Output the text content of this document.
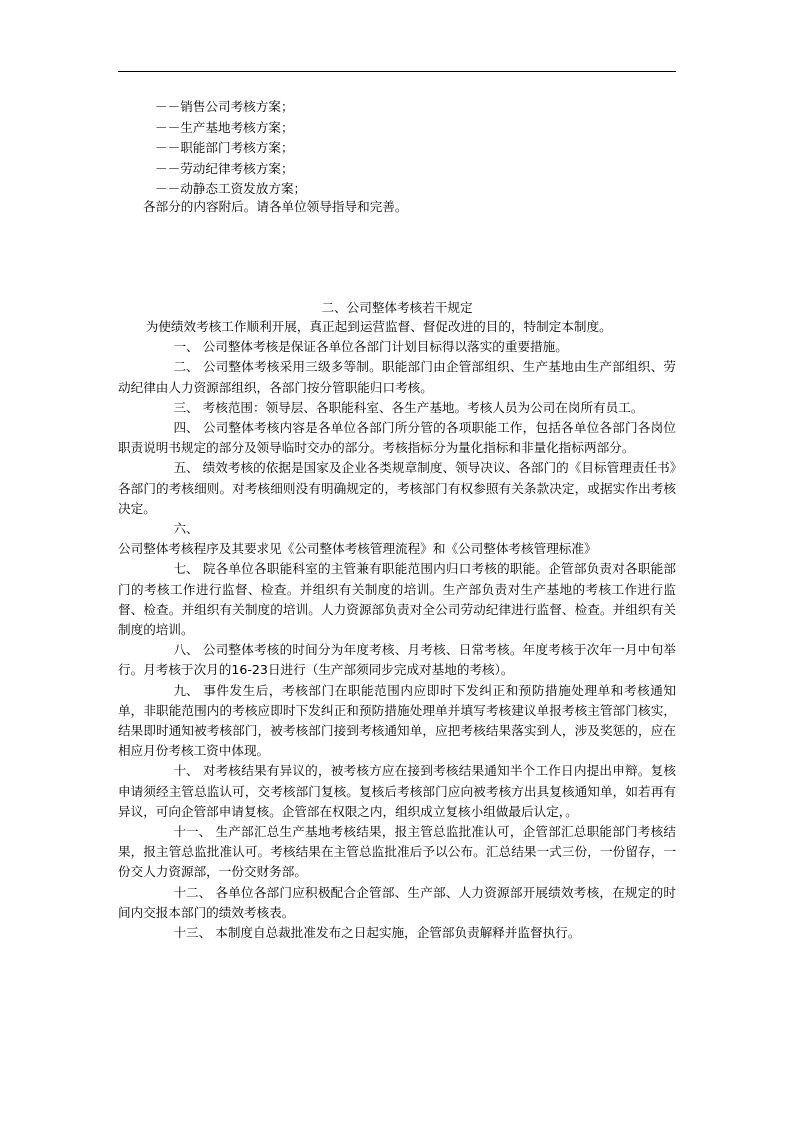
－－销售公司考核方案；
－－生产基地考核方案；
－－职能部门考核方案；
－－劳动纪律考核方案；
－－动静态工资发放方案；
各部分的内容附后。请各单位领导指导和完善。
二、公司整体考核若干规定

为使绩效考核工作顺利开展，真正起到运营监督、督促改进的目的，特制定本制度。

一、 公司整体考核是保证各单位各部门计划目标得以落实的重要措施。

二、 公司整体考核采用三级多等制。职能部门由企管部组织、生产基地由生产部组织、劳动纪律由人力资源部组织，各部门按分管职能归口考核。

三、 考核范围：领导层、各职能科室、各生产基地。考核人员为公司在岗所有员工。

四、 公司整体考核内容是各单位各部门所分管的各项职能工作，包括各单位各部门各岗位职责说明书规定的部分及领导临时交办的部分。考核指标分为量化指标和非量化指标两部分。

五、 绩效考核的依据是国家及企业各类规章制度、领导决议、各部门的《目标管理责任书》各部门的考核细则。对考核细则没有明确规定的，考核部门有权参照有关条款决定，或据实作出考核决定。

六、 公司整体考核程序及其要求见《公司整体考核管理流程》和《公司整体考核管理标准》

七、 院各单位各职能科室的主管兼有职能范围内归口考核的职能。企管部负责对各职能部门的考核工作进行监督、检查。并组织有关制度的培训。生产部负责对生产基地的考核工作进行监督、检查。并组织有关制度的培训。人力资源部负责对全公司劳动纪律进行监督、检查。并组织有关制度的培训。

八、 公司整体考核的时间分为年度考核、月考核、日常考核。年度考核于次年一月中旬举行。月考核于次月的16-23日进行（生产部须同步完成对基地的考核）。

九、 事件发生后，考核部门在职能范围内应即时下发纠正和预防措施处理单和考核通知单，非职能范围内的考核应即时下发纠正和预防措施处理单并填写考核建议单报考核主管部门核实，结果即时通知被考核部门，被考核部门接到考核通知单，应把考核结果落实到人，涉及奖惩的，应在相应月份考核工资中体现。

十、 对考核结果有异议的，被考核方应在接到考核结果通知半个工作日内提出申辩。复核申请须经主管总监认可，交考核部门复核。复核后考核部门应向被考核方出具复核通知单，如若再有异议，可向企管部申请复核。企管部在权限之内，组织成立复核小组做最后认定，。

十一、 生产部汇总生产基地考核结果，报主管总监批准认可，企管部汇总职能部门考核结果，报主管总监批准认可。考核结果在主管总监批准后予以公布。汇总结果一式三份，一份留存，一份交人力资源部，一份交财务部。

十二、 各单位各部门应积极配合企管部、生产部、人力资源部开展绩效考核，在规定的时间内交报本部门的绩效考核表。

十三、 本制度自总裁批准发布之日起实施，企管部负责解释并监督执行。
